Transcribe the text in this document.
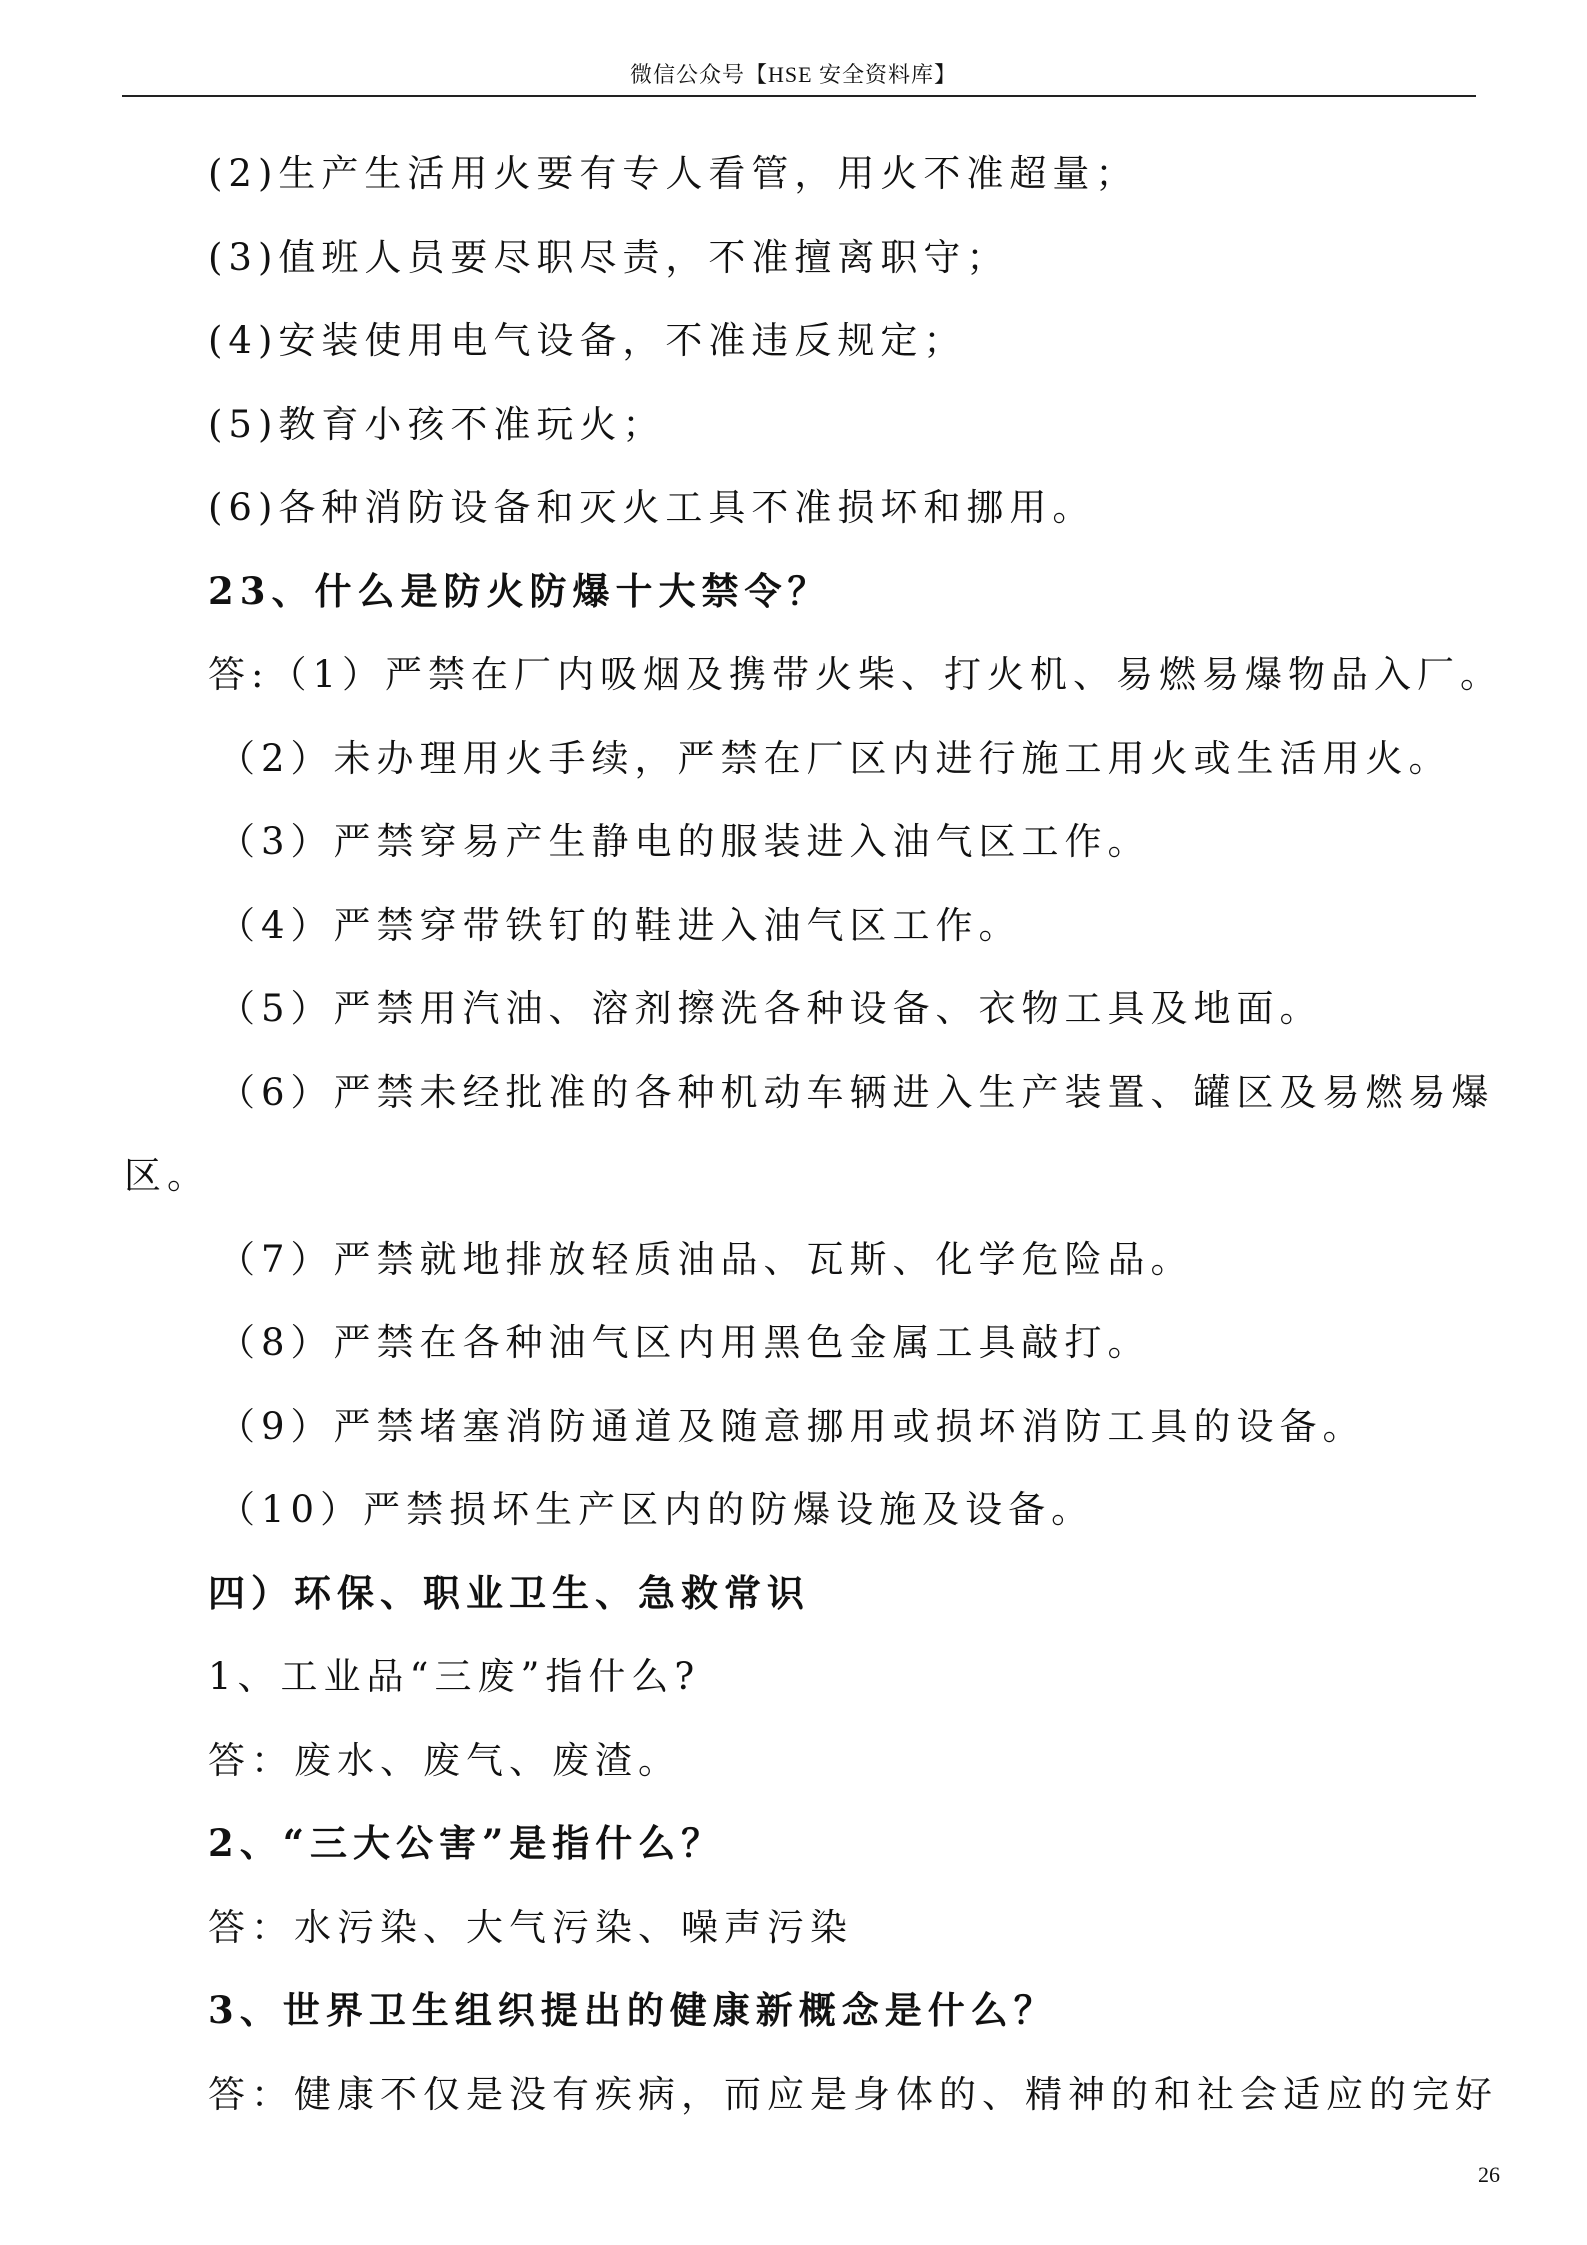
微信公众号【HSE 安全资料库】
(2)生产生活用火要有专人看管，用火不准超量；
(3)值班人员要尽职尽责，不准擅离职守；
(4)安装使用电气设备，不准违反规定；
(5)教育小孩不准玩火；
(6)各种消防设备和灭火工具不准损坏和挪用。
23、什么是防火防爆十大禁令？
答:（1）严禁在厂内吸烟及携带火柴、打火机、易燃易爆物品入厂。
（2）未办理用火手续，严禁在厂区内进行施工用火或生活用火。
（3）严禁穿易产生静电的服装进入油气区工作。
（4）严禁穿带铁钉的鞋进入油气区工作。
（5）严禁用汽油、溶剂擦洗各种设备、衣物工具及地面。
（6）严禁未经批准的各种机动车辆进入生产装置、罐区及易燃易爆
区。
（7）严禁就地排放轻质油品、瓦斯、化学危险品。
（8）严禁在各种油气区内用黑色金属工具敲打。
（9）严禁堵塞消防通道及随意挪用或损坏消防工具的设备。
（10）严禁损坏生产区内的防爆设施及设备。
四）环保、职业卫生、急救常识
1、工业品“三废”指什么?
答：废水、废气、废渣。
2、“三大公害”是指什么？
答：水污染、大气污染、噪声污染
3、世界卫生组织提出的健康新概念是什么？
答：健康不仅是没有疾病，而应是身体的、精神的和社会适应的完好
26
